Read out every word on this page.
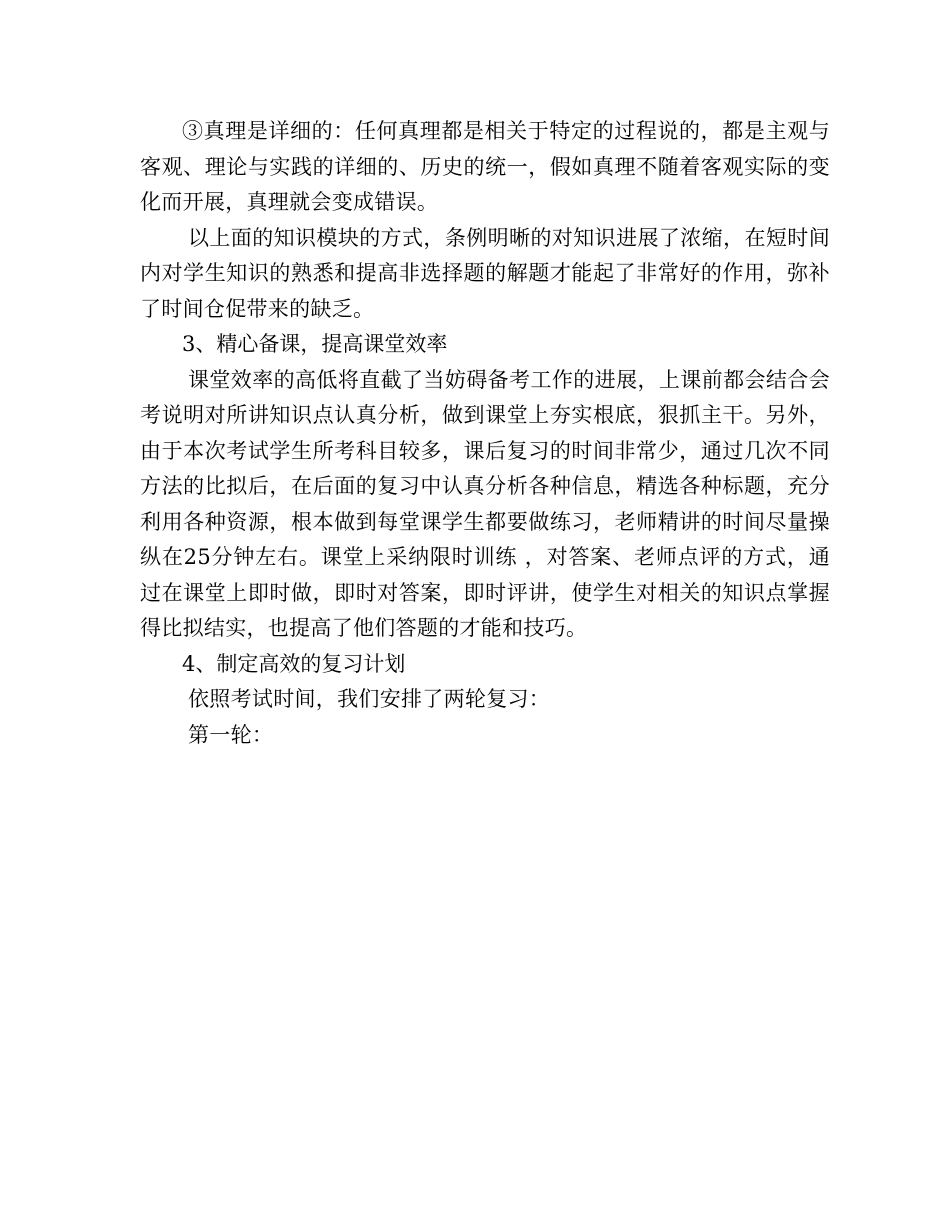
③真理是详细的：任何真理都是相关于特定的过程说的，都是主观与客观、理论与实践的详细的、历史的统一，假如真理不随着客观实际的变化而开展，真理就会变成错误。

以上面的知识模块的方式，条例明晰的对知识进展了浓缩，在短时间内对学生知识的熟悉和提高非选择题的解题才能起了非常好的作用，弥补了时间仓促带来的缺乏。

3、精心备课，提高课堂效率

课堂效率的高低将直截了当妨碍备考工作的进展，上课前都会结合会考说明对所讲知识点认真分析，做到课堂上夯实根底，狠抓主干。另外，由于本次考试学生所考科目较多，课后复习的时间非常少，通过几次不同方法的比拟后，在后面的复习中认真分析各种信息，精选各种标题，充分利用各种资源，根本做到每堂课学生都要做练习，老师精讲的时间尽量操纵在25分钟左右。课堂上采纳限时训练 ，对答案、老师点评的方式，通过在课堂上即时做，即时对答案，即时评讲，使学生对相关的知识点掌握得比拟结实，也提高了他们答题的才能和技巧。

4、制定高效的复习计划

依照考试时间，我们安排了两轮复习：

第一轮：
